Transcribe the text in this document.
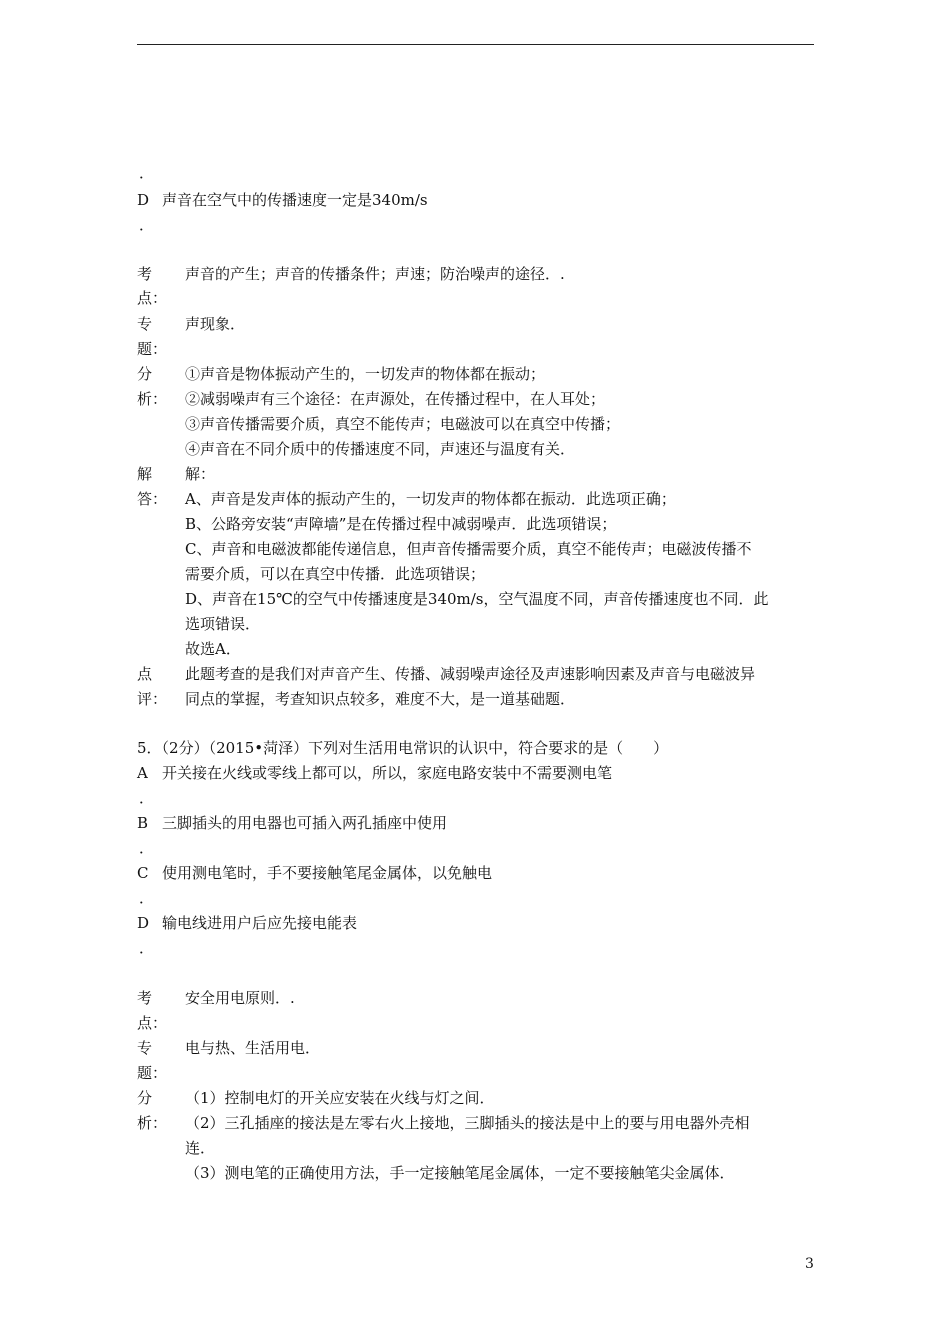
．
D 声音在空气中的传播速度一定是340m/s
．
考
点：
声音的产生；声音的传播条件；声速；防治噪声的途径．.
专
题：
声现象．
分
析：
①声音是物体振动产生的，一切发声的物体都在振动；
②减弱噪声有三个途径：在声源处，在传播过程中，在人耳处；
③声音传播需要介质，真空不能传声；电磁波可以在真空中传播；
④声音在不同介质中的传播速度不同，声速还与温度有关．
解
答：
解：
A、声音是发声体的振动产生的，一切发声的物体都在振动．此选项正确；
B、公路旁安装“声障墙”是在传播过程中减弱噪声．此选项错误；
C、声音和电磁波都能传递信息，但声音传播需要介质，真空不能传声；电磁波传播不
需要介质，可以在真空中传播．此选项错误；
D、声音在15℃的空气中传播速度是340m/s，空气温度不同，声音传播速度也不同．此
选项错误．
故选A．
点
评：
此题考查的是我们对声音产生、传播、减弱噪声途径及声速影响因素及声音与电磁波异
同点的掌握，考查知识点较多，难度不大，是一道基础题．
5．（2分）（2015•菏泽）下列对生活用电常识的认识中，符合要求的是（　　）
A 开关接在火线或零线上都可以，所以，家庭电路安装中不需要测电笔
．
B 三脚插头的用电器也可插入两孔插座中使用
．
C 使用测电笔时，手不要接触笔尾金属体，以免触电
．
D 输电线进用户后应先接电能表
．
考
点：
安全用电原则．.
专
题：
电与热、生活用电．
分
析：
（1）控制电灯的开关应安装在火线与灯之间．
（2）三孔插座的接法是左零右火上接地，三脚插头的接法是中上的要与用电器外壳相
连．
（3）测电笔的正确使用方法，手一定接触笔尾金属体，一定不要接触笔尖金属体．
3
